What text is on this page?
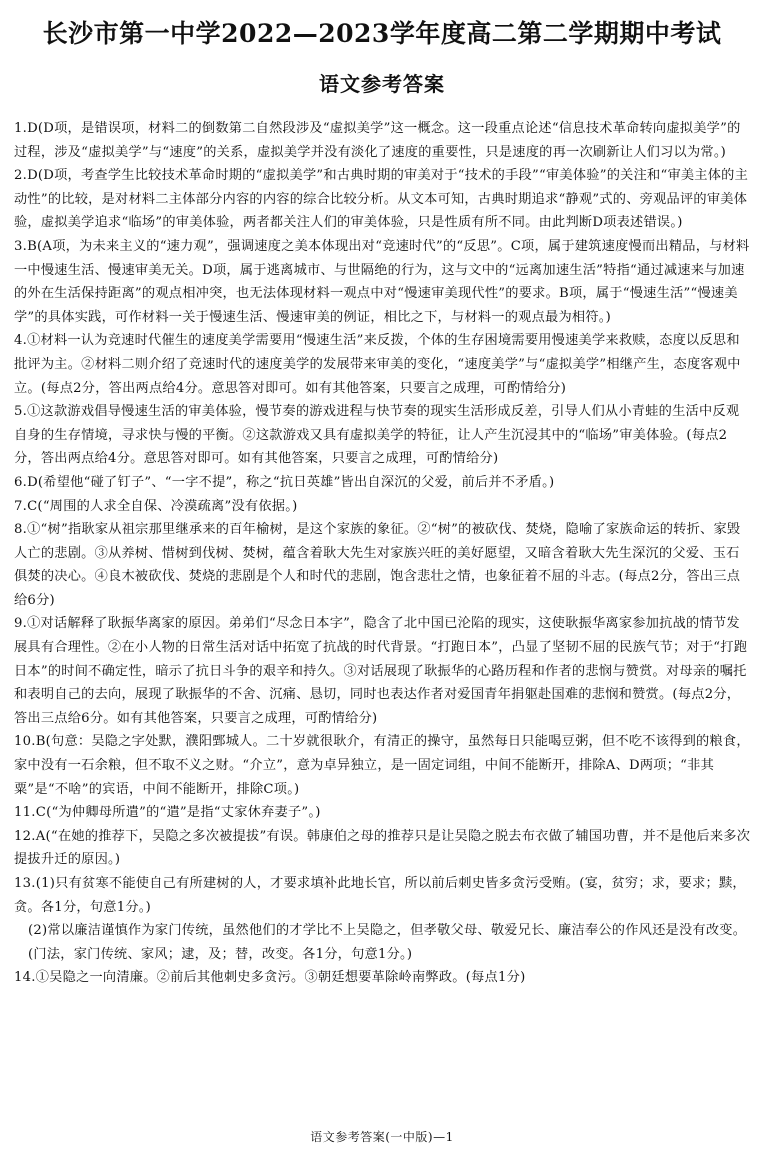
长沙市第一中学2022—2023学年度高二第二学期期中考试
语文参考答案

1.D(D项，是错误项，材料二的倒数第二自然段涉及“虚拟美学”这一概念。这一段重点论述“信息技术革命转向虚拟美学”的过程，涉及“虚拟美学”与“速度”的关系，虚拟美学并没有淡化了速度的重要性，只是速度的再一次刷新让人们习以为常。)

2.D(D项，考查学生比较技术革命时期的“虚拟美学”和古典时期的审美对于“技术的手段”“审美体验”的关注和“审美主体的主动性”的比较，是对材料二主体部分内容的内容的综合比较分析。从文本可知，古典时期追求“静观”式的、旁观品评的审美体验，虚拟美学追求“临场”的审美体验，两者都关注人们的审美体验，只是性质有所不同。由此判断D项表述错误。)

3.B(A项，为未来主义的“速力观”，强调速度之美本体现出对“竞速时代”的“反思”。C项，属于建筑速度慢而出精品，与材料一中慢速生活、慢速审美无关。D项，属于逃离城市、与世隔绝的行为，这与文中的“远离加速生活”特指“通过减速来与加速的外在生活保持距离”的观点相冲突，也无法体现材料一观点中对“慢速审美现代性”的要求。B项，属于“慢速生活”“慢速美学”的具体实践，可作材料一关于慢速生活、慢速审美的例证，相比之下，与材料一的观点最为相符。)

4.①材料一认为竞速时代催生的速度美学需要用“慢速生活”来反拨，个体的生存困境需要用慢速美学来救赎，态度以反思和批评为主。②材料二则介绍了竞速时代的速度美学的发展带来审美的变化，“速度美学”与“虚拟美学”相继产生，态度客观中立。(每点2分，答出两点给4分。意思答对即可。如有其他答案，只要言之成理，可酌情给分)

5.①这款游戏倡导慢速生活的审美体验，慢节奏的游戏进程与快节奏的现实生活形成反差，引导人们从小青蛙的生活中反观自身的生存情境，寻求快与慢的平衡。②这款游戏又具有虚拟美学的特征，让人产生沉浸其中的“临场”审美体验。(每点2分，答出两点给4分。意思答对即可。如有其他答案，只要言之成理，可酌情给分)

6.D(希望他“碰了钉子”、“一字不提”，称之“抗日英雄”皆出自深沉的父爱，前后并不矛盾。)

7.C(“周围的人求全自保、冷漠疏离”没有依据。)

8.①“树”指耿家从祖宗那里继承来的百年榆树，是这个家族的象征。②“树”的被砍伐、焚烧，隐喻了家族命运的转折、家毁人亡的悲剧。③从养树、惜树到伐树、焚树，蕴含着耿大先生对家族兴旺的美好愿望，又暗含着耿大先生深沉的父爱、玉石俱焚的决心。④良木被砍伐、焚烧的悲剧是个人和时代的悲剧，饱含悲壮之情，也象征着不屈的斗志。(每点2分，答出三点给6分)

9.①对话解释了耿振华离家的原因。弟弟们“尽念日本字”，隐含了北中国已沦陷的现实，这使耿振华离家参加抗战的情节发展具有合理性。②在小人物的日常生活对话中拓宽了抗战的时代背景。“打跑日本”，凸显了坚韧不屈的民族气节；对于“打跑日本”的时间不确定性，暗示了抗日斗争的艰辛和持久。③对话展现了耿振华的心路历程和作者的悲悯与赞赏。对母亲的嘱托和表明自己的去向，展现了耿振华的不舍、沉痛、恳切，同时也表达作者对爱国青年捐躯赴国难的悲悯和赞赏。(每点2分，答出三点给6分。如有其他答案，只要言之成理，可酌情给分)

10.B(句意：吴隐之字处默，濮阳鄄城人。二十岁就很耿介，有清正的操守，虽然每日只能喝豆粥，但不吃不该得到的粮食，家中没有一石余粮，但不取不义之财。“介立”，意为卓异独立，是一固定词组，中间不能断开，排除A、D两项；“非其粟”是“不啥”的宾语，中间不能断开，排除C项。)

11.C(“为仲卿母所遣”的“遣”是指“丈家休弃妻子”。)

12.A(“在她的推荐下，吴隐之多次被提拔”有误。韩康伯之母的推荐只是让吴隐之脱去布衣做了辅国功曹，并不是他后来多次提拔升迁的原因。)

13.(1)只有贫寒不能使自己有所建树的人，才要求填补此地长官，所以前后刺史皆多贪污受贿。(宴，贫穷；求，要求；黩，贪。各1分，句意1分。)

(2)常以廉洁谨慎作为家门传统，虽然他们的才学比不上吴隐之，但孝敬父母、敬爱兄长、廉洁奉公的作风还是没有改变。(门法，家门传统、家风；逮，及；替，改变。各1分，句意1分。)

14.①吴隐之一向清廉。②前后其他刺史多贪污。③朝廷想要革除岭南弊政。(每点1分)

语文参考答案(一中版)—1
